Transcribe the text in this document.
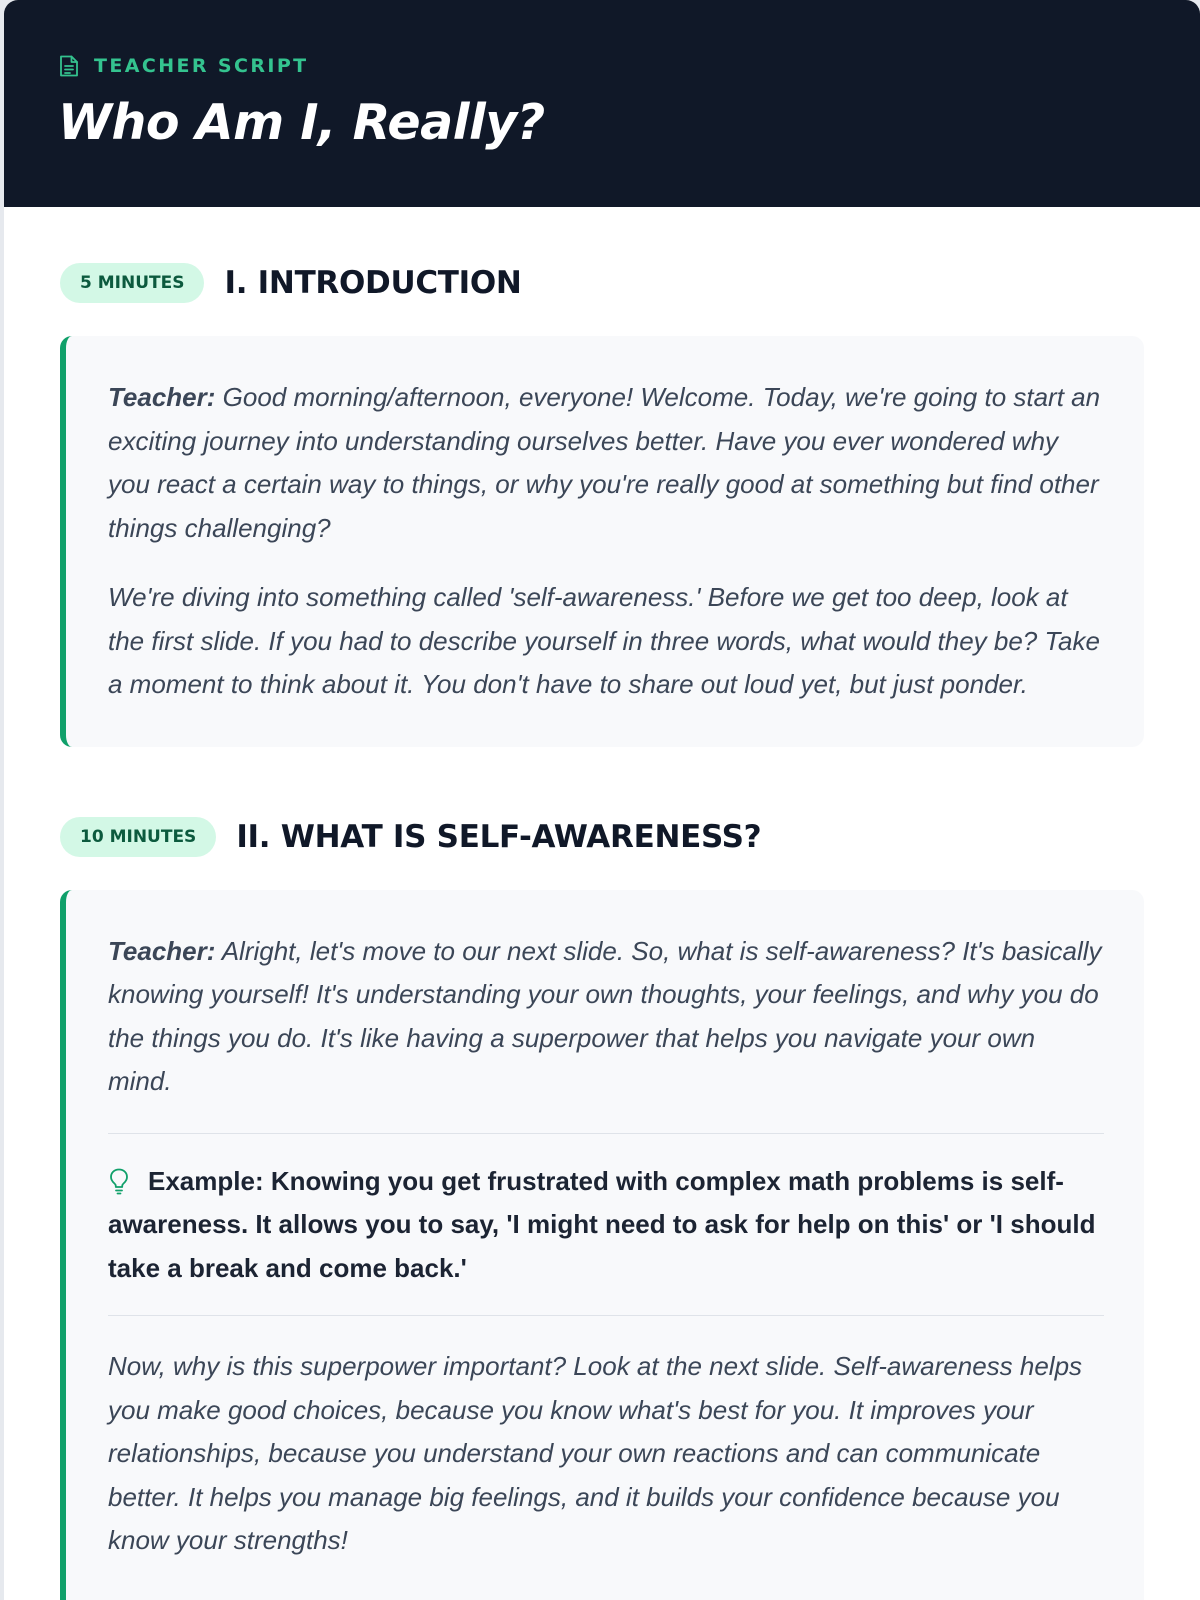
TEACHER SCRIPT
Who Am I, Really?
5 MINUTES	I. INTRODUCTION

Teacher: Good morning/afternoon, everyone! Welcome. Today, we're going to start an exciting journey into understanding ourselves better. Have you ever wondered why you react a certain way to things, or why you're really good at something but find other things challenging?

We're diving into something called 'self-awareness.' Before we get too deep, look at the first slide. If you had to describe yourself in three words, what would they be? Take a moment to think about it. You don't have to share out loud yet, but just ponder.

10 MINUTES	II. WHAT IS SELF-AWARENESS?

Teacher: Alright, let's move to our next slide. So, what is self-awareness? It's basically knowing yourself! It's understanding your own thoughts, your feelings, and why you do the things you do. It's like having a superpower that helps you navigate your own mind.

Example: Knowing you get frustrated with complex math problems is self-awareness. It allows you to say, 'I might need to ask for help on this' or 'I should take a break and come back.'

Now, why is this superpower important? Look at the next slide. Self-awareness helps you make good choices, because you know what's best for you. It improves your relationships, because you understand your own reactions and can communicate better. It helps you manage big feelings, and it builds your confidence because you know your strengths!
